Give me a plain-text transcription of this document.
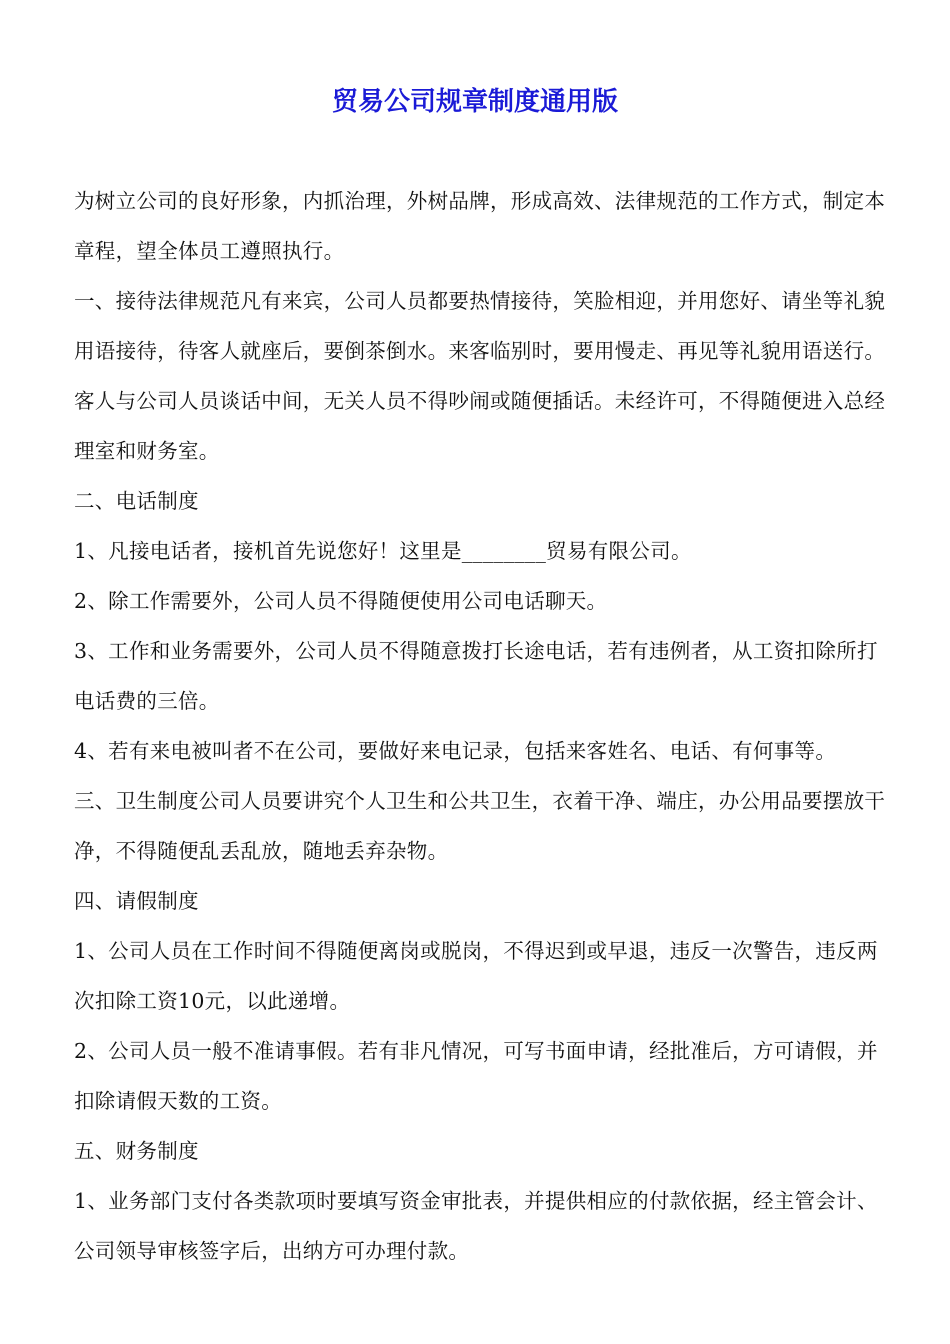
贸易公司规章制度通用版

为树立公司的良好形象，内抓治理，外树品牌，形成高效、法律规范的工作方式，制定本章程，望全体员工遵照执行。

一、接待法律规范凡有来宾，公司人员都要热情接待，笑脸相迎，并用您好、请坐等礼貌用语接待，待客人就座后，要倒茶倒水。来客临别时，要用慢走、再见等礼貌用语送行。客人与公司人员谈话中间，无关人员不得吵闹或随便插话。未经许可，不得随便进入总经理室和财务室。

二、电话制度

1、凡接电话者，接机首先说您好！这里是________贸易有限公司。

2、除工作需要外，公司人员不得随便使用公司电话聊天。

3、工作和业务需要外，公司人员不得随意拨打长途电话，若有违例者，从工资扣除所打电话费的三倍。

4、若有来电被叫者不在公司，要做好来电记录，包括来客姓名、电话、有何事等。

三、卫生制度公司人员要讲究个人卫生和公共卫生，衣着干净、端庄，办公用品要摆放干净，不得随便乱丢乱放，随地丢弃杂物。

四、请假制度

1、公司人员在工作时间不得随便离岗或脱岗，不得迟到或早退，违反一次警告，违反两次扣除工资10元，以此递增。

2、公司人员一般不准请事假。若有非凡情况，可写书面申请，经批准后，方可请假，并扣除请假天数的工资。

五、财务制度

1、业务部门支付各类款项时要填写资金审批表，并提供相应的付款依据，经主管会计、公司领导审核签字后，出纳方可办理付款。
